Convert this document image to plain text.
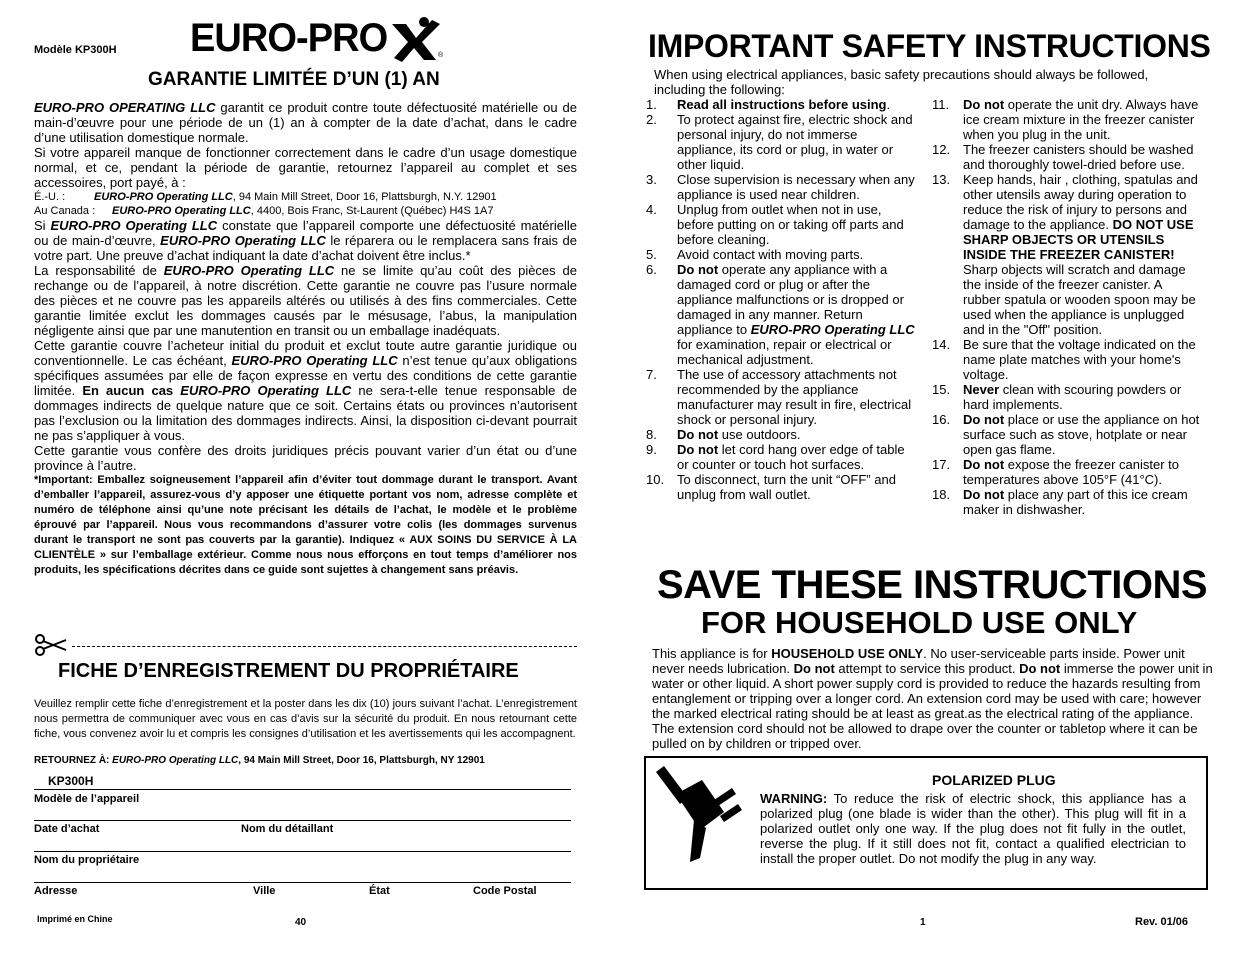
Modèle KP300H EURO-PRO	®
GARANTIE LIMITÉE D’UN (1) AN
EURO-PRO OPERATING LLC garantit ce produit contre toute défectuosité matérielle ou de main-d’œuvre pour une période de un (1) an à compter de la date d’achat, dans le cadre d’une utilisation domestique normale.
Si votre appareil manque de fonctionner correctement dans le cadre d’un usage domestique normal, et ce, pendant la période de garantie, retournez l’appareil au complet et ses accessoires, port payé, à :
É.-U. :	EURO-PRO Operating LLC, 94 Main Mill Street, Door 16, Plattsburgh, N.Y. 12901
Au Canada : EURO-PRO Operating LLC, 4400, Bois Franc, St-Laurent (Québec) H4S 1A7
Si EURO-PRO Operating LLC constate que l’appareil comporte une défectuosité matérielle ou de main-d’œuvre, EURO-PRO Operating LLC le réparera ou le remplacera sans frais de votre part. Une preuve d’achat indiquant la date d’achat doivent être inclus.*
La responsabilité de EURO-PRO Operating LLC ne se limite qu’au coût des pièces de rechange ou de l’appareil, à notre discrétion. Cette garantie ne couvre pas l’usure normale des pièces et ne couvre pas les appareils altérés ou utilisés à des fins commerciales. Cette garantie limitée exclut les dommages causés par le mésusage, l’abus, la manipulation négligente ainsi que par une manutention en transit ou un emballage inadéquats.
Cette garantie couvre l’acheteur initial du produit et exclut toute autre garantie juridique ou conventionnelle. Le cas échéant, EURO-PRO Operating LLC n’est tenue qu’aux obligations spécifiques assumées par elle de façon expresse en vertu des conditions de cette garantie limitée. En aucun cas EURO-PRO Operating LLC ne sera-t-elle tenue responsable de dommages indirects de quelque nature que ce soit. Certains états ou provinces n’autorisent pas l’exclusion ou la limitation des dommages indirects. Ainsi, la disposition ci-devant pourrait ne pas s’appliquer à vous.
Cette garantie vous confère des droits juridiques précis pouvant varier d’un état ou d’une province à l’autre.
*Important: Emballez soigneusement l’appareil afin d’éviter tout dommage durant le transport. Avant d’emballer l’appareil, assurez-vous d’y apposer une étiquette portant vos nom, adresse complète et numéro de téléphone ainsi qu’une note précisant les détails de l’achat, le modèle et le problème éprouvé par l’appareil. Nous vous recommandons d’assurer votre colis (les dommages survenus durant le transport ne sont pas couverts par la garantie). Indiquez « AUX SOINS DU SERVICE À LA CLIENTÈLE » sur l’emballage extérieur. Comme nous nous efforçons en tout temps d’améliorer nos produits, les spécifications décrites dans ce guide sont sujettes à changement sans préavis.
FICHE D’ENREGISTREMENT DU PROPRIÉTAIRE
Veuillez remplir cette fiche d’enregistrement et la poster dans les dix (10) jours suivant l’achat. L’enregistrement nous permettra de communiquer avec vous en cas d’avis sur la sécurité du produit. En nous retournant cette fiche, vous convenez avoir lu et compris les consignes d’utilisation et les avertissements qui les accompagnent.
RETOURNEZ À: EURO-PRO Operating LLC, 94 Main Mill Street, Door 16, Plattsburgh, NY 12901
KP300H
Modèle de l’appareil
Date d’achat	Nom du détaillant
Nom du propriétaire
Adresse	Ville	État	Code Postal
Imprimé en Chine	40
IMPORTANT SAFETY INSTRUCTIONS
When using electrical appliances, basic safety precautions should always be followed, including the following:
1. Read all instructions before using.
2. To protect against fire, electric shock and personal injury, do not immerse appliance, its cord or plug, in water or other liquid.
3. Close supervision is necessary when any appliance is used near children.
4. Unplug from outlet when not in use, before putting on or taking off parts and before cleaning.
5. Avoid contact with moving parts.
6. Do not operate any appliance with a damaged cord or plug or after the appliance malfunctions or is dropped or damaged in any manner. Return appliance to EURO-PRO Operating LLC for examination, repair or electrical or mechanical adjustment.
7. The use of accessory attachments not recommended by the appliance manufacturer may result in fire, electrical shock or personal injury.
8. Do not use outdoors.
9. Do not let cord hang over edge of table or counter or touch hot surfaces.
10. To disconnect, turn the unit “OFF” and unplug from wall outlet.
11. Do not operate the unit dry. Always have ice cream mixture in the freezer canister when you plug in the unit.
12. The freezer canisters should be washed and thoroughly towel-dried before use.
13. Keep hands, hair , clothing, spatulas and other utensils away during operation to reduce the risk of injury to persons and damage to the appliance. DO NOT USE SHARP OBJECTS OR UTENSILS INSIDE THE FREEZER CANISTER! Sharp objects will scratch and damage the inside of the freezer canister. A rubber spatula or wooden spoon may be used when the appliance is unplugged and in the "Off" position.
14. Be sure that the voltage indicated on the name plate matches with your home's voltage.
15. Never clean with scouring powders or hard implements.
16. Do not place or use the appliance on hot surface such as stove, hotplate or near open gas flame.
17. Do not expose the freezer canister to temperatures above 105°F (41°C).
18. Do not place any part of this ice cream maker in dishwasher.
SAVE THESE INSTRUCTIONS
FOR HOUSEHOLD USE ONLY
This appliance is for HOUSEHOLD USE ONLY. No user-serviceable parts inside. Power unit never needs lubrication. Do not attempt to service this product. Do not immerse the power unit in water or other liquid. A short power supply cord is provided to reduce the hazards resulting from entanglement or tripping over a longer cord. An extension cord may be used with care; however the marked electrical rating should be at least as great.as the electrical rating of the appliance. The extension cord should not be allowed to drape over the counter or tabletop where it can be pulled on by children or tripped over.
POLARIZED PLUG
WARNING: To reduce the risk of electric shock, this appliance has a polarized plug (one blade is wider than the other). This plug will fit in a polarized outlet only one way. If the plug does not fit fully in the outlet, reverse the plug. If it still does not fit, contact a qualified electrician to install the proper outlet. Do not modify the plug in any way.
1	Rev. 01/06
